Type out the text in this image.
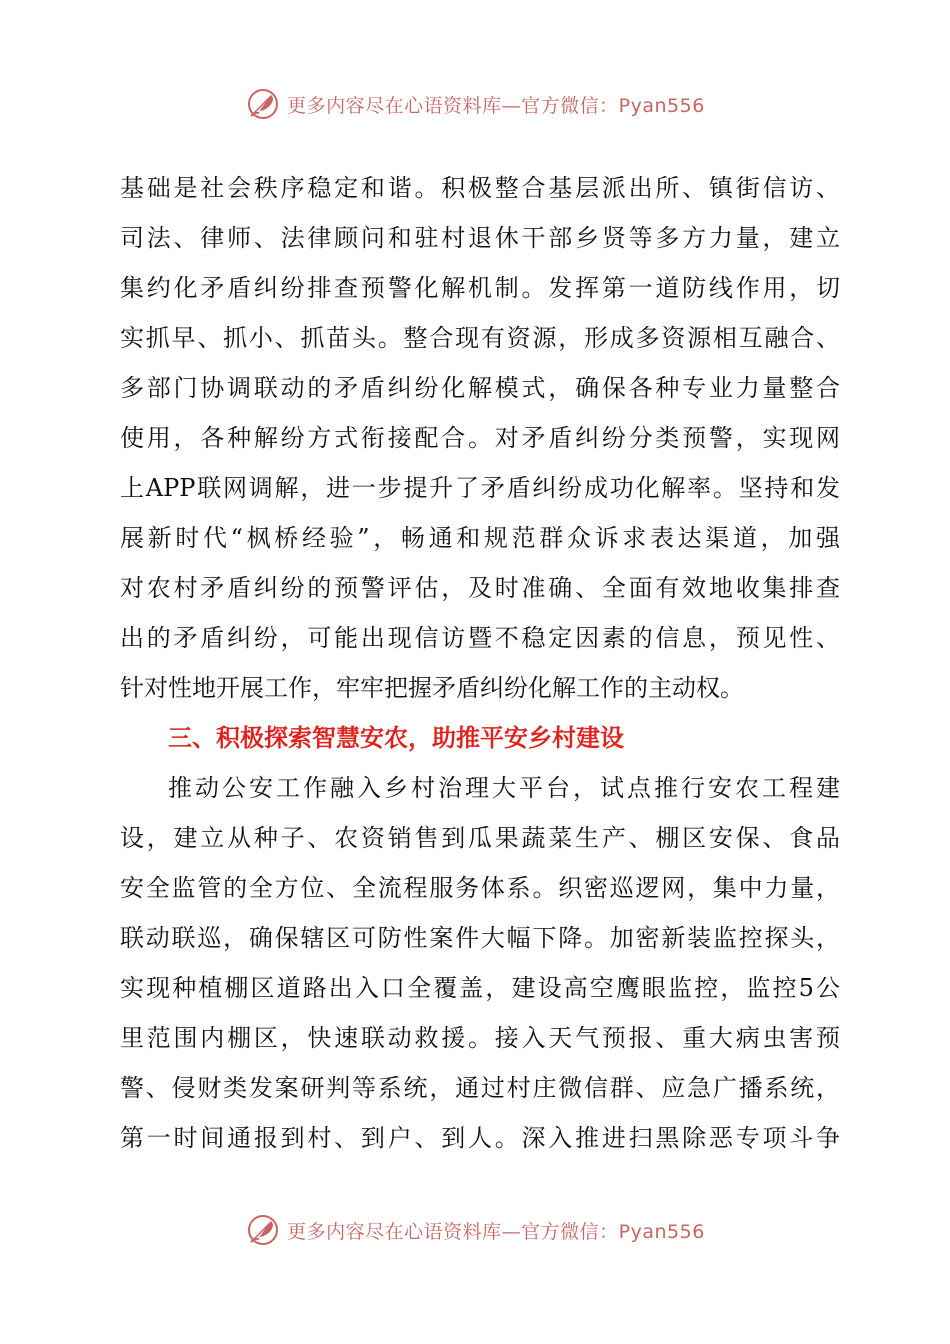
更多内容尽在心语资料库—官方微信：Pyan556
基础是社会秩序稳定和谐。积极整合基层派出所、镇街信访、
司法、律师、法律顾问和驻村退休干部乡贤等多方力量，建立
集约化矛盾纠纷排查预警化解机制。发挥第一道防线作用，切
实抓早、抓小、抓苗头。整合现有资源，形成多资源相互融合、
多部门协调联动的矛盾纠纷化解模式，确保各种专业力量整合
使用，各种解纷方式衔接配合。对矛盾纠纷分类预警，实现网
上APP联网调解，进一步提升了矛盾纠纷成功化解率。坚持和发
展新时代“枫桥经验”，畅通和规范群众诉求表达渠道，加强
对农村矛盾纠纷的预警评估，及时准确、全面有效地收集排查
出的矛盾纠纷，可能出现信访暨不稳定因素的信息，预见性、
针对性地开展工作，牢牢把握矛盾纠纷化解工作的主动权。
三、积极探索智慧安农，助推平安乡村建设
推动公安工作融入乡村治理大平台，试点推行安农工程建
设，建立从种子、农资销售到瓜果蔬菜生产、棚区安保、食品
安全监管的全方位、全流程服务体系。织密巡逻网，集中力量，
联动联巡，确保辖区可防性案件大幅下降。加密新装监控探头，
实现种植棚区道路出入口全覆盖，建设高空鹰眼监控，监控5公
里范围内棚区，快速联动救援。接入天气预报、重大病虫害预
警、侵财类发案研判等系统，通过村庄微信群、应急广播系统，
第一时间通报到村、到户、到人。深入推进扫黑除恶专项斗争
更多内容尽在心语资料库—官方微信：Pyan556
